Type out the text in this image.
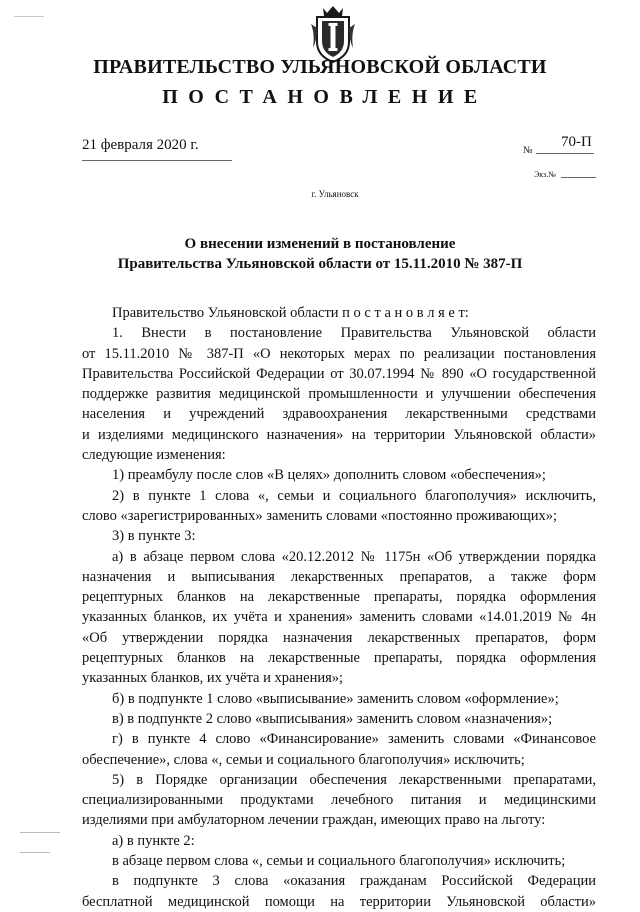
ПРАВИТЕЛЬСТВО УЛЬЯНОВСКОЙ ОБЛАСТИ
ПОСТАНОВЛЕНИЕ
21 февраля 2020 г.	№
70-П
Экз.№
г. Ульяновск
О внесении изменений в постановление
Правительства Ульяновской области от 15.11.2010 № 387-П
Правительство Ульяновской области п о с т а н о в л я е т:
1. Внести в постановление Правительства Ульяновской области
от 15.11.2010 № 387-П «О некоторых мерах по реализации постановления
Правительства Российской Федерации от 30.07.1994 № 890 «О государственной
поддержке развития медицинской промышленности и улучшении обеспечения
населения и учреждений здравоохранения лекарственными средствами
и изделиями медицинского назначения» на территории Ульяновской области»
следующие изменения:
1) преамбулу после слов «В целях» дополнить словом «обеспечения»;
2) в пункте 1 слова «, семьи и социального благополучия» исключить,
слово «зарегистрированных» заменить словами «постоянно проживающих»;
3) в пункте 3:
а) в абзаце первом слова «20.12.2012 № 1175н «Об утверждении порядка
назначения и выписывания лекарственных препаратов, а также форм
рецептурных бланков на лекарственные препараты, порядка оформления
указанных бланков, их учёта и хранения» заменить словами «14.01.2019 № 4н
«Об утверждении порядка назначения лекарственных препаратов, форм
рецептурных бланков на лекарственные препараты, порядка оформления
указанных бланков, их учёта и хранения»;
б) в подпункте 1 слово «выписывание» заменить словом «оформление»;
в) в подпункте 2 слово «выписывания» заменить словом «назначения»;
г) в пункте 4 слово «Финансирование» заменить словами «Финансовое
обеспечение», слова «, семьи и социального благополучия» исключить;
5) в Порядке организации обеспечения лекарственными препаратами,
специализированными продуктами лечебного питания и медицинскими
изделиями при амбулаторном лечении граждан, имеющих право на льготу:
а) в пункте 2:
в абзаце первом слова «, семьи и социального благополучия» исключить;
в подпункте 3 слова «оказания гражданам Российской Федерации
бесплатной медицинской помощи на территории Ульяновской области»
